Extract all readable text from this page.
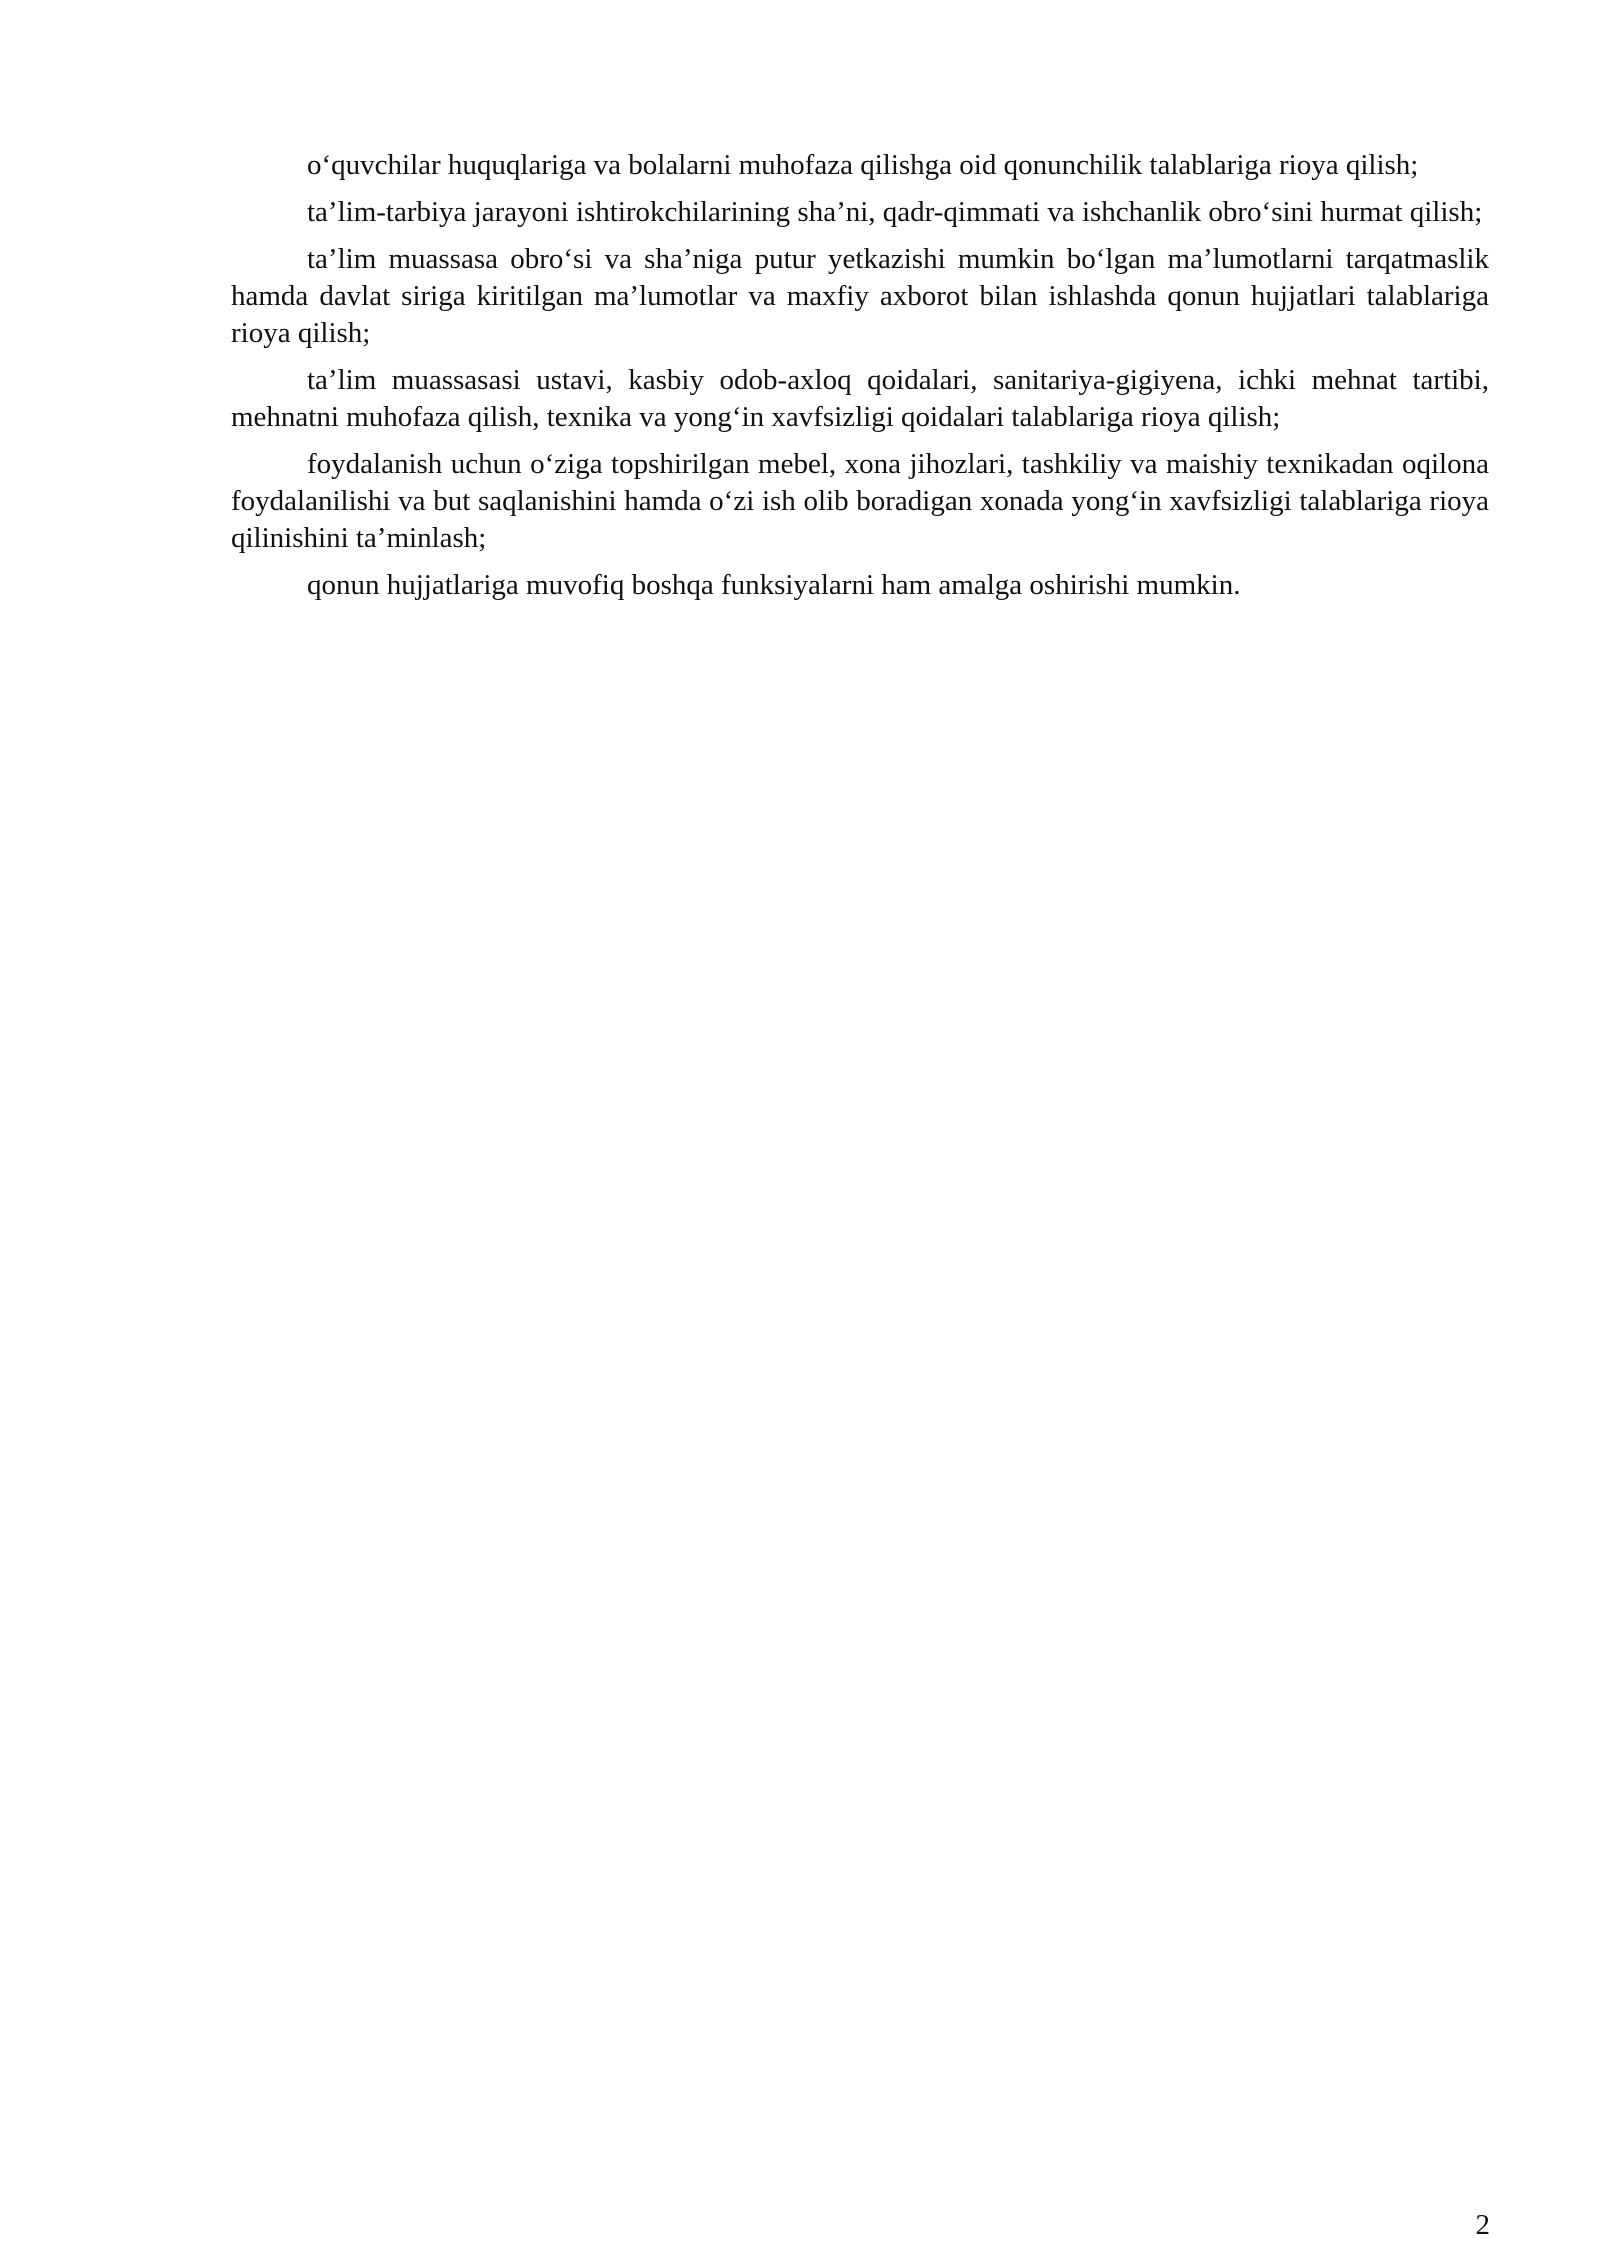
o‘quvchilar huquqlariga va bolalarni muhofaza qilishga oid qonunchilik talablariga rioya qilish;

ta’lim-tarbiya jarayoni ishtirokchilarining sha’ni, qadr-qimmati va ishchanlik obro‘sini hurmat qilish;

ta’lim muassasa obro‘si va sha’niga putur yetkazishi mumkin bo‘lgan ma’lumotlarni tarqatmaslik hamda davlat siriga kiritilgan ma’lumotlar va maxfiy axborot bilan ishlashda qonun hujjatlari talablariga rioya qilish;

ta’lim muassasasi ustavi, kasbiy odob-axloq qoidalari, sanitariya-gigiyena, ichki mehnat tartibi, mehnatni muhofaza qilish, texnika va yong‘in xavfsizligi qoidalari talablariga rioya qilish;

foydalanish uchun o‘ziga topshirilgan mebel, xona jihozlari, tashkiliy va maishiy texnikadan oqilona foydalanilishi va but saqlanishini hamda o‘zi ish olib boradigan xonada yong‘in xavfsizligi talablariga rioya qilinishini ta’minlash;

qonun hujjatlariga muvofiq boshqa funksiyalarni ham amalga oshirishi mumkin.

2
